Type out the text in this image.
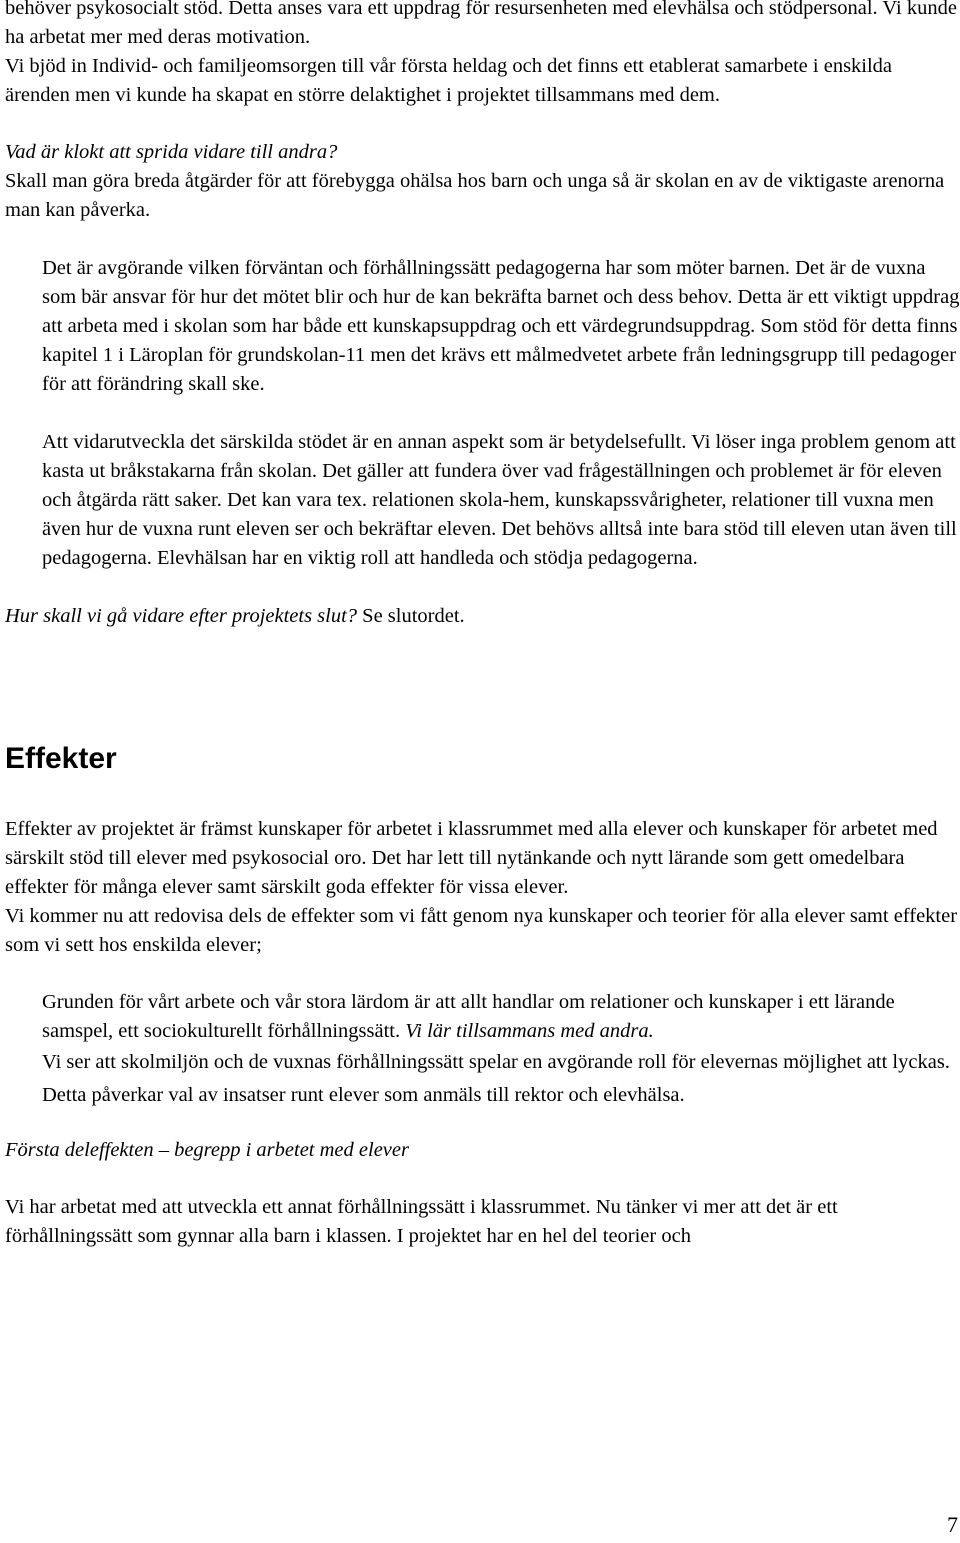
behöver psykosocialt stöd. Detta anses vara ett uppdrag för resursenheten med elevhälsa och stödpersonal. Vi kunde ha arbetat mer med deras motivation.

Vi bjöd in Individ- och familjeomsorgen till vår första heldag och det finns ett etablerat samarbete i enskilda ärenden men vi kunde ha skapat en större delaktighet i projektet tillsammans med dem.

Vad är klokt att sprida vidare till andra?

Skall man göra breda åtgärder för att förebygga ohälsa hos barn och unga så är skolan en av de viktigaste arenorna man kan påverka.

Det är avgörande vilken förväntan och förhållningssätt pedagogerna har som möter barnen. Det är de vuxna som bär ansvar för hur det mötet blir och hur de kan bekräfta barnet och dess behov. Detta är ett viktigt uppdrag att arbeta med i skolan som har både ett kunskapsuppdrag och ett värdegrundsuppdrag. Som stöd för detta finns kapitel 1 i Läroplan för grundskolan-11 men det krävs ett målmedvetet arbete från ledningsgrupp till pedagoger för att förändring skall ske.

Att vidarutveckla det särskilda stödet är en annan aspekt som är betydelsefullt. Vi löser inga problem genom att kasta ut bråkstakarna från skolan. Det gäller att fundera över vad frågeställningen och problemet är för eleven och åtgärda rätt saker. Det kan vara tex. relationen skola-hem, kunskapssvårigheter, relationer till vuxna men även hur de vuxna runt eleven ser och bekräftar eleven. Det behövs alltså inte bara stöd till eleven utan även till pedagogerna. Elevhälsan har en viktig roll att handleda och stödja pedagogerna.

Hur skall vi gå vidare efter projektets slut? Se slutordet.

Effekter

Effekter av projektet är främst kunskaper för arbetet i klassrummet med alla elever och kunskaper för arbetet med särskilt stöd till elever med psykosocial oro. Det har lett till nytänkande och nytt lärande som gett omedelbara effekter för många elever samt särskilt goda effekter för vissa elever.

Vi kommer nu att redovisa dels de effekter som vi fått genom nya kunskaper och teorier för alla elever samt effekter som vi sett hos enskilda elever;

Grunden för vårt arbete och vår stora lärdom är att allt handlar om relationer och kunskaper i ett lärande samspel, ett sociokulturellt förhållningssätt. Vi lär tillsammans med andra.

Vi ser att skolmiljön och de vuxnas förhållningssätt spelar en avgörande roll för elevernas möjlighet att lyckas. Detta påverkar val av insatser runt elever som anmäls till rektor och elevhälsa.

Första deleffekten – begrepp i arbetet med elever

Vi har arbetat med att utveckla ett annat förhållningssätt i klassrummet. Nu tänker vi mer att det är ett förhållningssätt som gynnar alla barn i klassen. I projektet har en hel del teorier och

7
